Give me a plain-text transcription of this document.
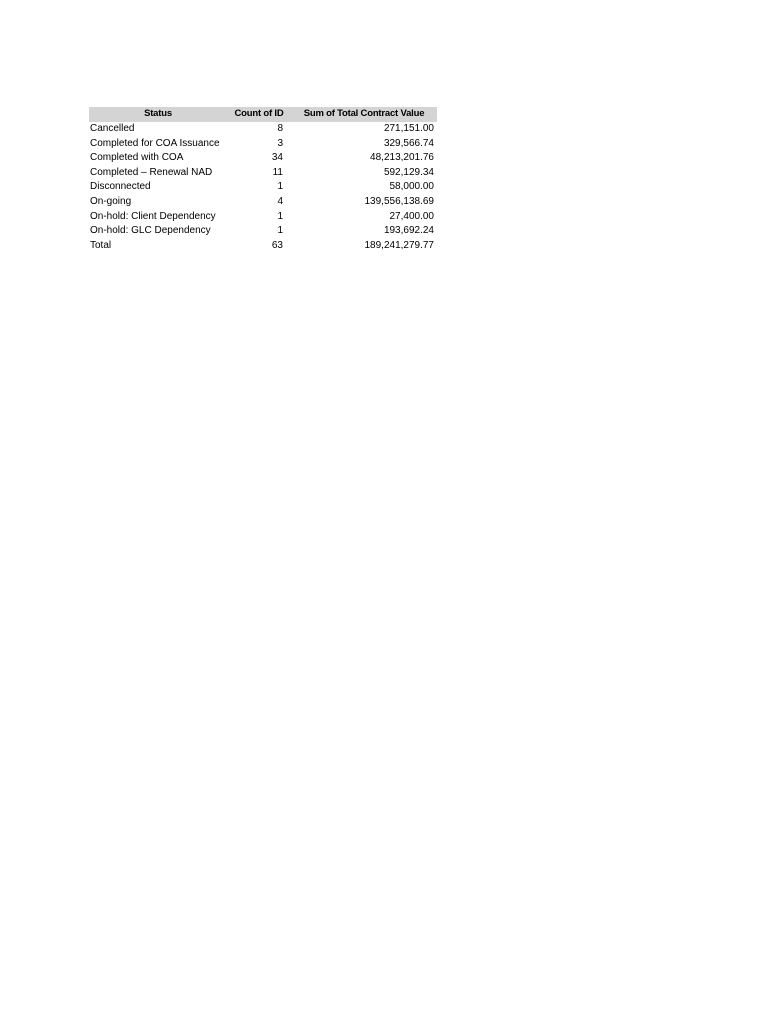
Status	Count of ID	Sum of Total Contract Value
Cancelled	8	271,151.00
Completed for COA Issuance	3	329,566.74
Completed with COA	34	48,213,201.76
Completed – Renewal NAD	11	592,129.34
Disconnected	1	58,000.00
On-going	4	139,556,138.69
On-hold: Client Dependency	1	27,400.00
On-hold: GLC Dependency	1	193,692.24
Total	63	189,241,279.77
